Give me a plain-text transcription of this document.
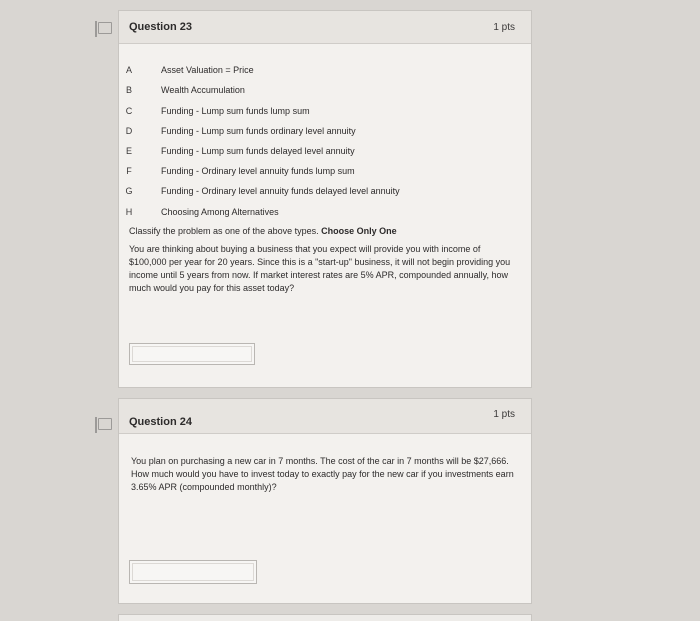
Question 23	1 pts
A	Asset Valuation = Price
B	Wealth Accumulation
C	Funding - Lump sum funds lump sum
D	Funding - Lump sum funds ordinary level annuity
E	Funding - Lump sum funds delayed level annuity
F	Funding - Ordinary level annuity funds lump sum
G	Funding - Ordinary level annuity funds delayed level annuity
H	Choosing Among Alternatives
Classify the problem as one of the above types. Choose Only One
You are thinking about buying a business that you expect will provide you with income of $100,000 per year for 20 years. Since this is a "start-up" business, it will not begin providing you income until 5 years from now. If market interest rates are 5% APR, compounded annually, how much would you pay for this asset today?
Question 24
1 pts
You plan on purchasing a new car in 7 months. The cost of the car in 7 months will be $27,666. How much would you have to invest today to exactly pay for the new car if you investments earn 3.65% APR (compounded monthly)?
